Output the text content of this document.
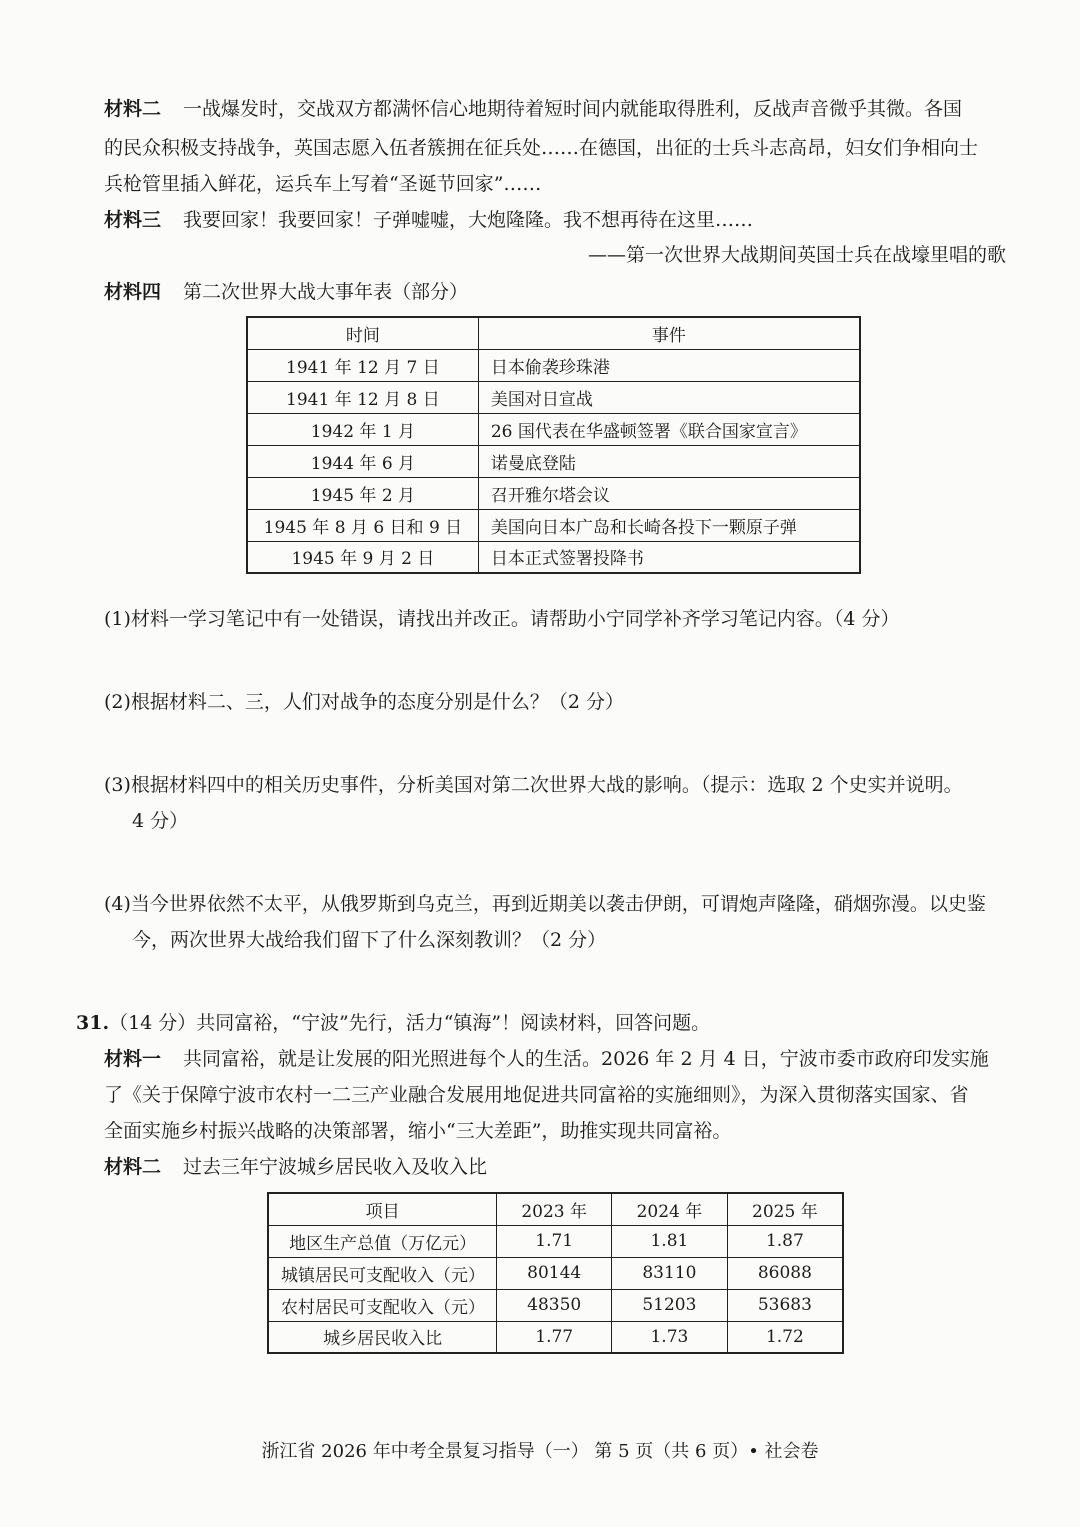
材料二 一战爆发时，交战双方都满怀信心地期待着短时间内就能取得胜利，反战声音微乎其微。各国
的民众积极支持战争，英国志愿入伍者簇拥在征兵处……在德国，出征的士兵斗志高昂，妇女们争相向士
兵枪管里插入鲜花，运兵车上写着“圣诞节回家”……
材料三 我要回家！我要回家！子弹嘘嘘，大炮隆隆。我不想再待在这里……
——第一次世界大战期间英国士兵在战壕里唱的歌
材料四 第二次世界大战大事年表（部分）
时间	事件
1941 年 12 月 7 日	日本偷袭珍珠港
1941 年 12 月 8 日	美国对日宣战
1942 年 1 月	26 国代表在华盛顿签署《联合国家宣言》
1944 年 6 月	诺曼底登陆
1945 年 2 月	召开雅尔塔会议
1945 年 8 月 6 日和 9 日	美国向日本广岛和长崎各投下一颗原子弹
1945 年 9 月 2 日	日本正式签署投降书
(1)材料一学习笔记中有一处错误，请找出并改正。请帮助小宁同学补齐学习笔记内容。（4 分）
(2)根据材料二、三，人们对战争的态度分别是什么？（2 分）
(3)根据材料四中的相关历史事件，分析美国对第二次世界大战的影响。（提示：选取 2 个史实并说明。
4 分）
(4)当今世界依然不太平，从俄罗斯到乌克兰，再到近期美以袭击伊朗，可谓炮声隆隆，硝烟弥漫。以史鉴
今，两次世界大战给我们留下了什么深刻教训？（2 分）
31.（14 分）共同富裕，“宁波”先行，活力“镇海”！阅读材料，回答问题。
材料一 共同富裕，就是让发展的阳光照进每个人的生活。2026 年 2 月 4 日，宁波市委市政府印发实施
了《关于保障宁波市农村一二三产业融合发展用地促进共同富裕的实施细则》，为深入贯彻落实国家、省
全面实施乡村振兴战略的决策部署，缩小“三大差距”，助推实现共同富裕。
材料二 过去三年宁波城乡居民收入及收入比
项目	2023 年	2024 年	2025 年
地区生产总值（万亿元）	1.71	1.81	1.87
城镇居民可支配收入（元）	80144	83110	86088
农村居民可支配收入（元）	48350	51203	53683
城乡居民收入比	1.77	1.73	1.72
浙江省 2026 年中考全景复习指导（一） 第 5 页（共 6 页）• 社会卷
